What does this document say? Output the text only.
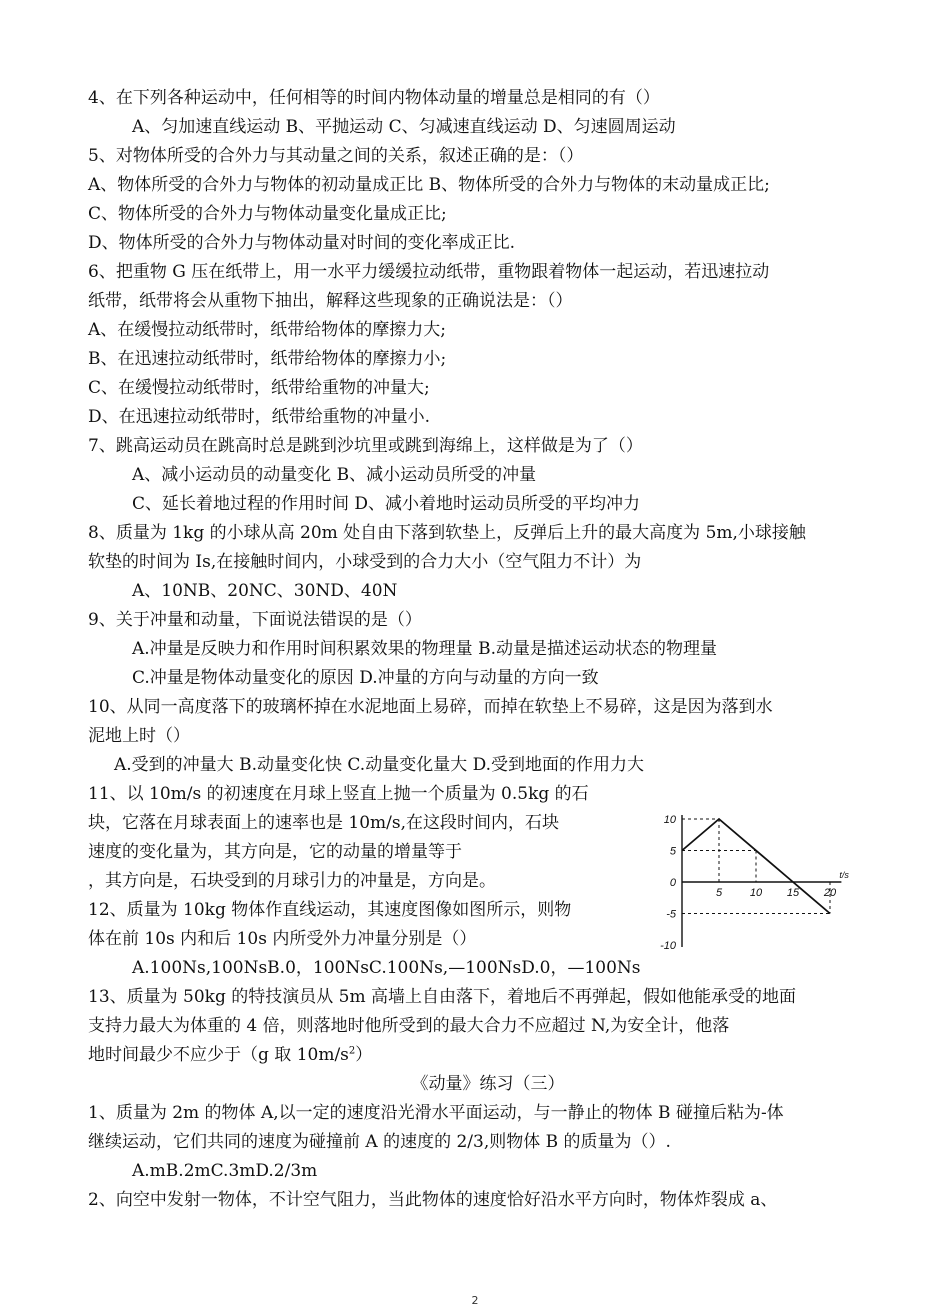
4、在下列各种运动中，任何相等的时间内物体动量的增量总是相同的有（）
A、匀加速直线运动 B、平抛运动 C、匀减速直线运动 D、匀速圆周运动
5、对物体所受的合外力与其动量之间的关系，叙述正确的是：（）
A、物体所受的合外力与物体的初动量成正比 B、物体所受的合外力与物体的末动量成正比;
C、物体所受的合外力与物体动量变化量成正比;
D、物体所受的合外力与物体动量对时间的变化率成正比.
6、把重物 G 压在纸带上，用一水平力缓缓拉动纸带，重物跟着物体一起运动，若迅速拉动
纸带，纸带将会从重物下抽出，解释这些现象的正确说法是：（）
A、在缓慢拉动纸带时，纸带给物体的摩擦力大;
B、在迅速拉动纸带时，纸带给物体的摩擦力小;
C、在缓慢拉动纸带时，纸带给重物的冲量大;
D、在迅速拉动纸带时，纸带给重物的冲量小.
7、跳高运动员在跳高时总是跳到沙坑里或跳到海绵上，这样做是为了（）
A、减小运动员的动量变化 B、减小运动员所受的冲量
C、延长着地过程的作用时间 D、减小着地时运动员所受的平均冲力
8、质量为 1kg 的小球从高 20m 处自由下落到软垫上，反弹后上升的最大高度为 5m,小球接触
软垫的时间为 Is,在接触时间内，小球受到的合力大小（空气阻力不计）为
A、10NB、20NC、30ND、40N
9、关于冲量和动量，下面说法错误的是（）
A.冲量是反映力和作用时间积累效果的物理量 B.动量是描述运动状态的物理量
C.冲量是物体动量变化的原因 D.冲量的方向与动量的方向一致
10、从同一高度落下的玻璃杯掉在水泥地面上易碎，而掉在软垫上不易碎，这是因为落到水
泥地上时（）
A.受到的冲量大 B.动量变化快 C.动量变化量大 D.受到地面的作用力大
11、以 10m/s 的初速度在月球上竖直上抛一个质量为 0.5kg 的石
块，它落在月球表面上的速率也是 10m/s,在这段时间内，石块
速度的变化量为，其方向是，它的动量的增量等于
，其方向是，石块受到的月球引力的冲量是，方向是。
12、质量为 10kg 物体作直线运动，其速度图像如图所示，则物
体在前 10s 内和后 10s 内所受外力冲量分别是（）
A.100Ns,100NsB.0，100NsC.100Ns,—100NsD.0，—100Ns
13、质量为 50kg 的特技演员从 5m 高墙上自由落下，着地后不再弹起，假如他能承受的地面
支持力最大为体重的 4 倍，则落地时他所受到的最大合力不应超过 N,为安全计，他落
地时间最少不应少于（g 取 $10m/s^2$）
《动量》练习（三）
1、质量为 2m 的物体 A,以一定的速度沿光滑水平面运动，与一静止的物体 B 碰撞后粘为-体
继续运动，它们共同的速度为碰撞前 A 的速度的 2/3,则物体 B 的质量为（）.
A.mB.2mC.3mD.2/3m
2、向空中发射一物体，不计空气阻力，当此物体的速度恰好沿水平方向时，物体炸裂成 a、
10
5
0
-5
-10
5	10 15 20
t/s
2
